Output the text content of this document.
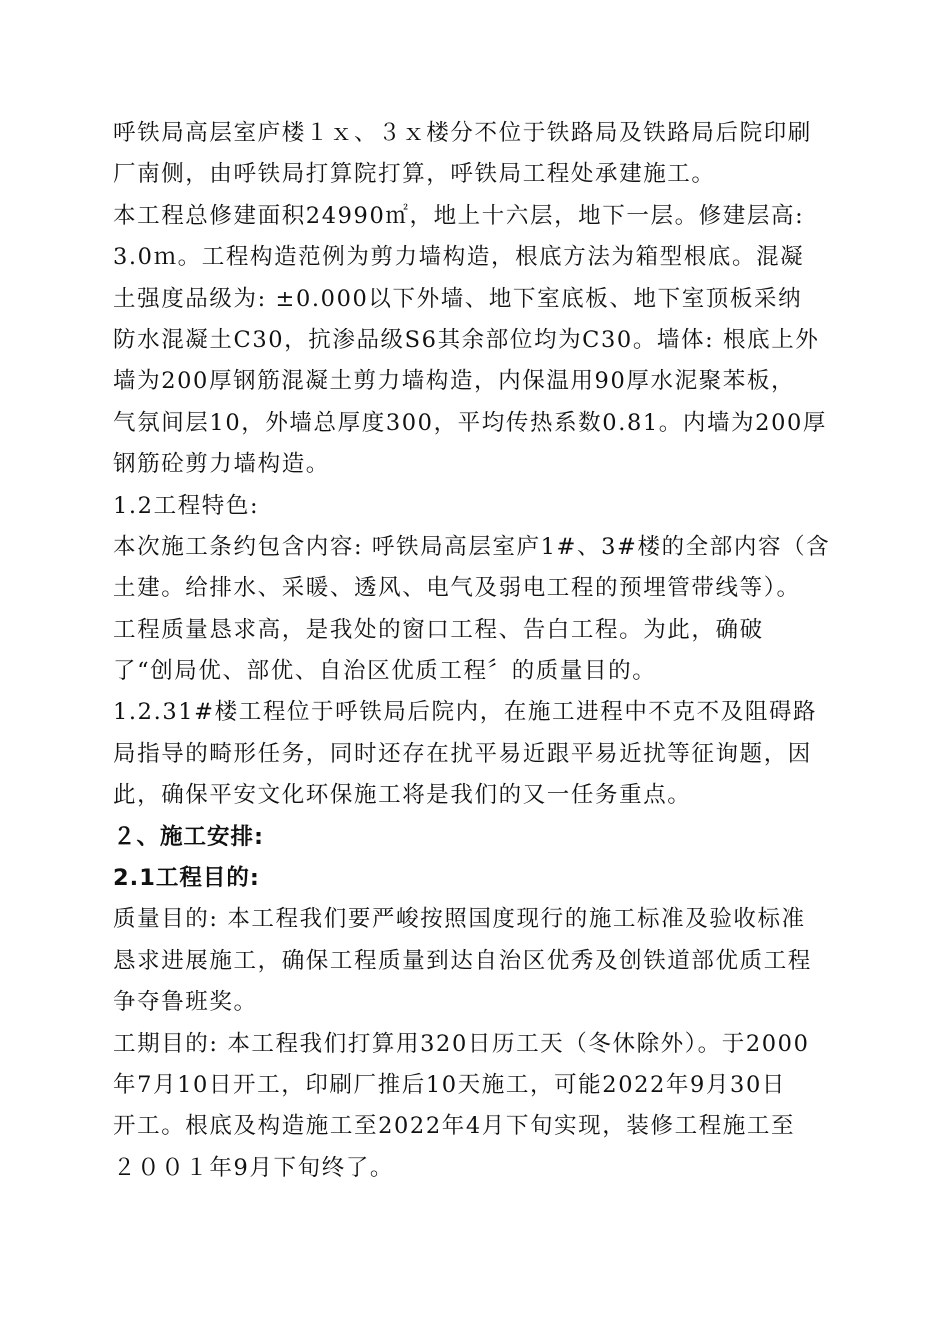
呼铁局高层室庐楼１ｘ、３ｘ楼分不位于铁路局及铁路局后院印刷
厂南侧，由呼铁局打算院打算，呼铁局工程处承建施工。
本工程总修建面积24990㎡，地上十六层，地下一层。修建层高:
3.0ｍ。工程构造范例为剪力墙构造，根底方法为箱型根底。混凝
土强度品级为: ±0.000以下外墙、地下室底板、地下室顶板采纳
防水混凝土C30，抗渗品级S6其余部位均为C30。墙体: 根底上外
墙为200厚钢筋混凝土剪力墙构造，内保温用90厚水泥聚苯板，
气氛间层10，外墙总厚度300，平均传热系数0.81。内墙为200厚
钢筋砼剪力墙构造。
1.2工程特色:
本次施工条约包含内容: 呼铁局高层室庐1#、3#楼的全部内容（含
土建。给排水、采暖、透风、电气及弱电工程的预埋管带线等）。
工程质量恳求高，是我处的窗口工程、告白工程。为此，确破
了“创局优、部优、自治区优质工程〞的质量目的。
1.2.31#楼工程位于呼铁局后院内，在施工进程中不克不及阻碍路
局指导的畸形任务，同时还存在扰平易近跟平易近扰等征询题，因
此，确保平安文化环保施工将是我们的又一任务重点。
２、施工安排:
2.1工程目的:
质量目的: 本工程我们要严峻按照国度现行的施工标准及验收标准
恳求进展施工，确保工程质量到达自治区优秀及创铁道部优质工程
争夺鲁班奖。
工期目的: 本工程我们打算用320日历工天（冬休除外）。于2000
年7月10日开工，印刷厂推后10天施工，可能2022年9月30日
开工。根底及构造施工至2022年4月下旬实现，装修工程施工至
２００１年9月下旬终了。
